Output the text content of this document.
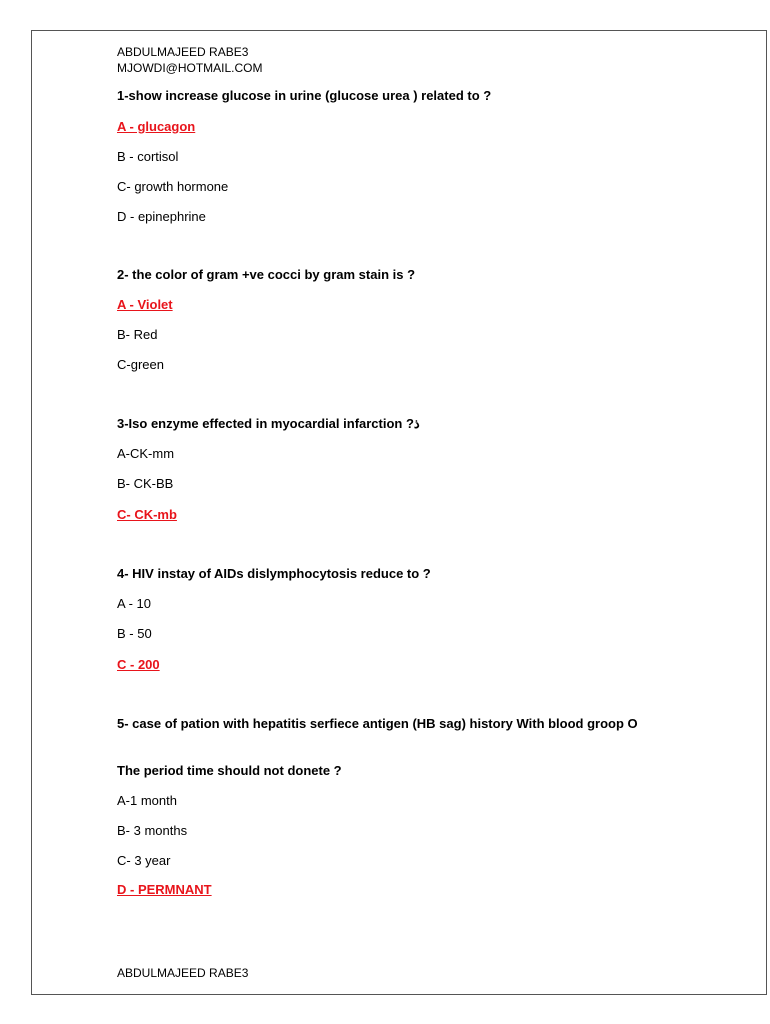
ABDULMAJEED RABE3
MJOWDI@HOTMAIL.COM
1-show increase glucose in urine (glucose urea ) related to ?
A - glucagon
B - cortisol
C- growth hormone
D - epinephrine
2- the color of gram +ve cocci by gram stain is ?
A - Violet
B- Red
C-green
3-Iso enzyme effected in myocardial infarction ?ذ
A-CK-mm
B- CK-BB
C- CK-mb
4- HIV instay of AIDs dislymphocytosis reduce to ?
A - 10
B - 50
C - 200
5- case of pation with hepatitis serfiece antigen (HB sag) history With blood groop O
The period time should not donete ?
A-1 month
B- 3 months
C- 3 year
D - PERMNANT
ABDULMAJEED RABE3
